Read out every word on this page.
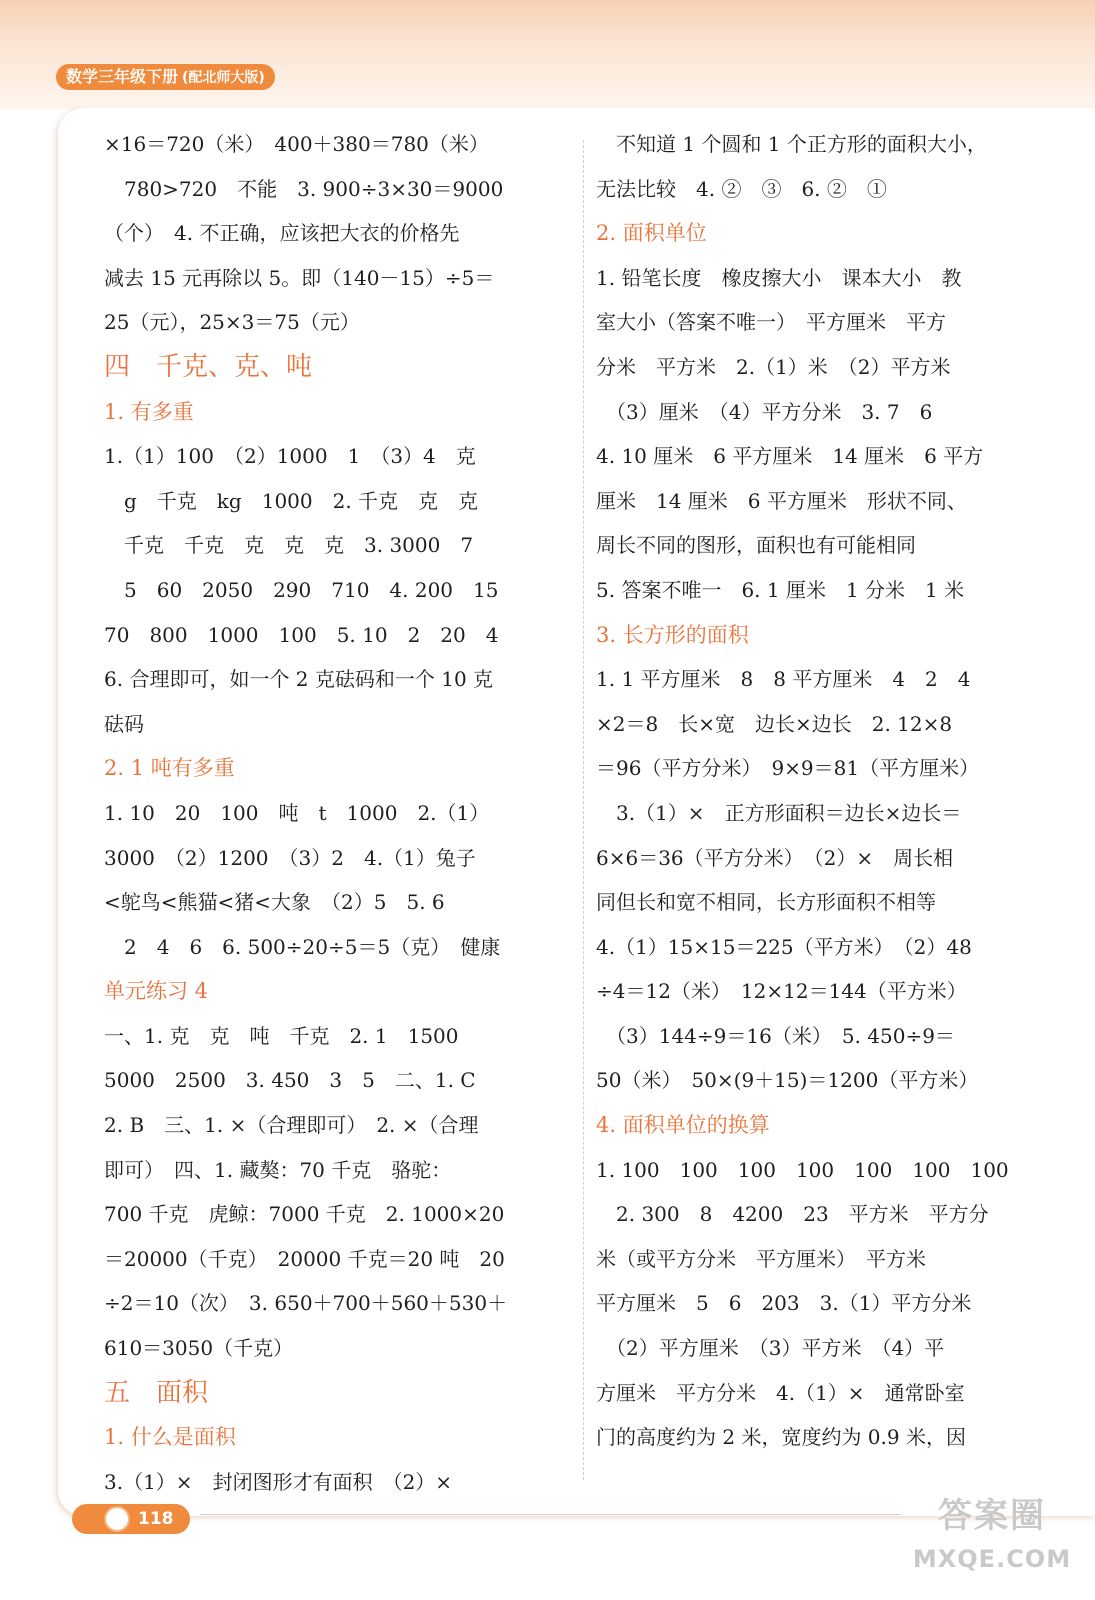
数学三年级下册 (配北师大版)
×16＝720（米）　400＋380＝780（米）
　780>720　不能　3. 900÷3×30＝9000
（个）　4. 不正确，应该把大衣的价格先
减去 15 元再除以 5。即（140－15）÷5＝
25（元），25×3＝75（元）
四　千克、克、吨
1. 有多重
1.（1）100　（2）1000　1　（3）4　克
　g　千克　kg　1000　2. 千克　克　克
　千克　千克　克　克　克　3. 3000　7
　5　60　2050　290　710　4. 200　15
70　800　1000　100　5. 10　2　20　4
6. 合理即可，如一个 2 克砝码和一个 10 克
砝码
2. 1 吨有多重
1. 10　20　100　吨　t　1000　2.（1）
3000　（2）1200　（3）2　4.（1）兔子
<鸵鸟<熊猫<猪<大象　（2）5　5. 6
　2　4　6　6. 500÷20÷5＝5（克）　健康
单元练习 4
一、1. 克　克　吨　千克　2. 1　1500
5000　2500　3. 450　3　5　二、1. C
2. B　三、1. ×（合理即可）　2. ×（合理
即可）　四、1. 藏獒：70 千克　骆驼：
700 千克　虎鲸：7000 千克　2. 1000×20
＝20000（千克）　20000 千克＝20 吨　20
÷2＝10（次）　3. 650＋700＋560＋530＋
610＝3050（千克）
五　面积
1. 什么是面积
3.（1）×　封闭图形才有面积　（2）×
　不知道 1 个圆和 1 个正方形的面积大小，
无法比较　4. ②　③　6. ②　①
2. 面积单位
1. 铅笔长度　橡皮擦大小　课本大小　教
室大小（答案不唯一）　平方厘米　平方
分米　平方米　2.（1）米　（2）平方米
　（3）厘米　（4）平方分米　3. 7　6
4. 10 厘米　6 平方厘米　14 厘米　6 平方
厘米　14 厘米　6 平方厘米　形状不同、
周长不同的图形，面积也有可能相同
5. 答案不唯一　6. 1 厘米　1 分米　1 米
3. 长方形的面积
1. 1 平方厘米　8　8 平方厘米　4　2　4
×2＝8　长×宽　边长×边长　2. 12×8
＝96（平方分米）　9×9＝81（平方厘米）
　3.（1）×　正方形面积＝边长×边长＝
6×6＝36（平方分米）　（2）×　周长相
同但长和宽不相同，长方形面积不相等
4.（1）15×15＝225（平方米）　（2）48
÷4＝12（米）　12×12＝144（平方米）
　（3）144÷9＝16（米）　5. 450÷9＝
50（米）　50×(9＋15)＝1200（平方米）
4. 面积单位的换算
1. 100　100　100　100　100　100　100
　2. 300　8　4200　23　平方米　平方分
米（或平方分米　平方厘米）　平方米
平方厘米　5　6　203　3.（1）平方分米
　（2）平方厘米　（3）平方米　（4）平
方厘米　平方分米　4.（1）×　通常卧室
门的高度约为 2 米，宽度约为 0.9 米，因
118	答案圈
MXQE.COM
